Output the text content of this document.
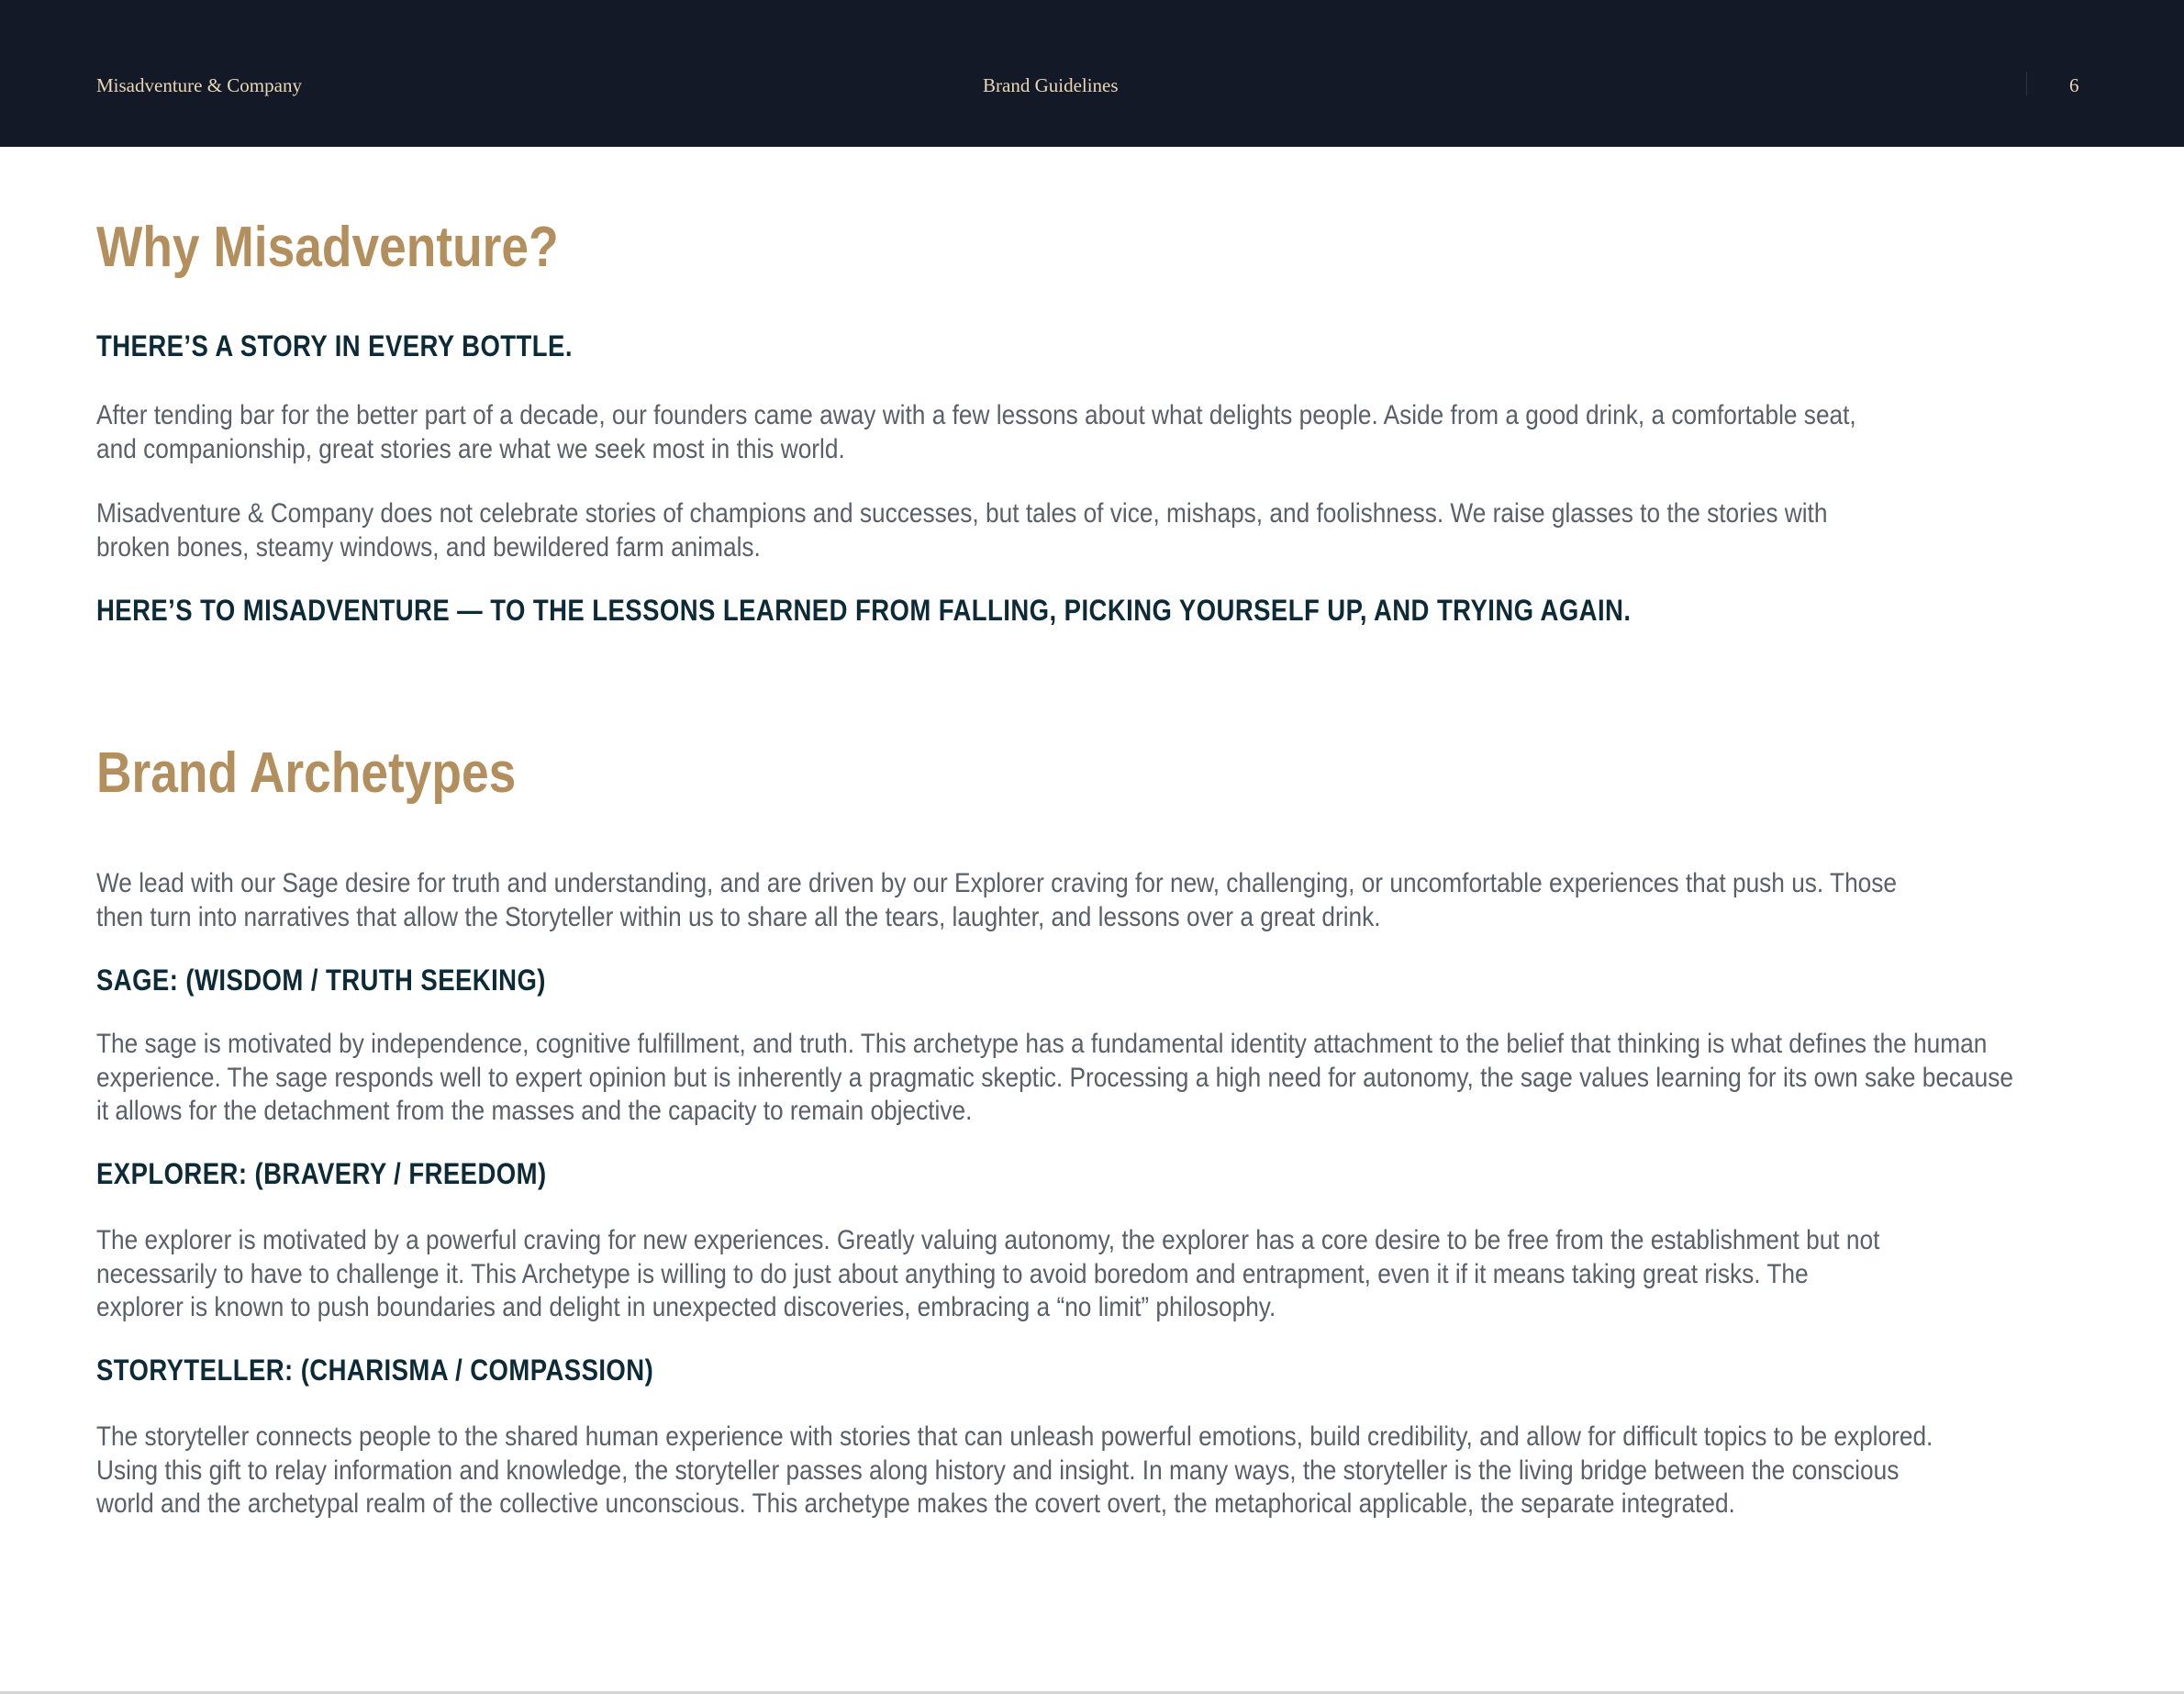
Misadventure & Company	Brand Guidelines	6
Why Misadventure?
THERE’S A STORY IN EVERY BOTTLE.

After tending bar for the better part of a decade, our founders came away with a few lessons about what delights people. Aside from a good drink, a comfortable seat, and companionship, great stories are what we seek most in this world.

Misadventure & Company does not celebrate stories of champions and successes, but tales of vice, mishaps, and foolishness. We raise glasses to the stories with broken bones, steamy windows, and bewildered farm animals.

HERE’S TO MISADVENTURE — TO THE LESSONS LEARNED FROM FALLING, PICKING YOURSELF UP, AND TRYING AGAIN.
Brand Archetypes

We lead with our Sage desire for truth and understanding, and are driven by our Explorer craving for new, challenging, or uncomfortable experiences that push us. Those then turn into narratives that allow the Storyteller within us to share all the tears, laughter, and lessons over a great drink.

SAGE: (WISDOM / TRUTH SEEKING)

The sage is motivated by independence, cognitive fulfillment, and truth. This archetype has a fundamental identity attachment to the belief that thinking is what defines the human experience. The sage responds well to expert opinion but is inherently a pragmatic skeptic. Processing a high need for autonomy, the sage values learning for its own sake because it allows for the detachment from the masses and the capacity to remain objective.

EXPLORER: (BRAVERY / FREEDOM)

The explorer is motivated by a powerful craving for new experiences. Greatly valuing autonomy, the explorer has a core desire to be free from the establishment but not necessarily to have to challenge it. This Archetype is willing to do just about anything to avoid boredom and entrapment, even it if it means taking great risks. The explorer is known to push boundaries and delight in unexpected discoveries, embracing a “no limit” philosophy.

STORYTELLER: (CHARISMA / COMPASSION)

The storyteller connects people to the shared human experience with stories that can unleash powerful emotions, build credibility, and allow for difficult topics to be explored. Using this gift to relay information and knowledge, the storyteller passes along history and insight. In many ways, the storyteller is the living bridge between the conscious world and the archetypal realm of the collective unconscious. This archetype makes the covert overt, the metaphorical applicable, the separate integrated.
